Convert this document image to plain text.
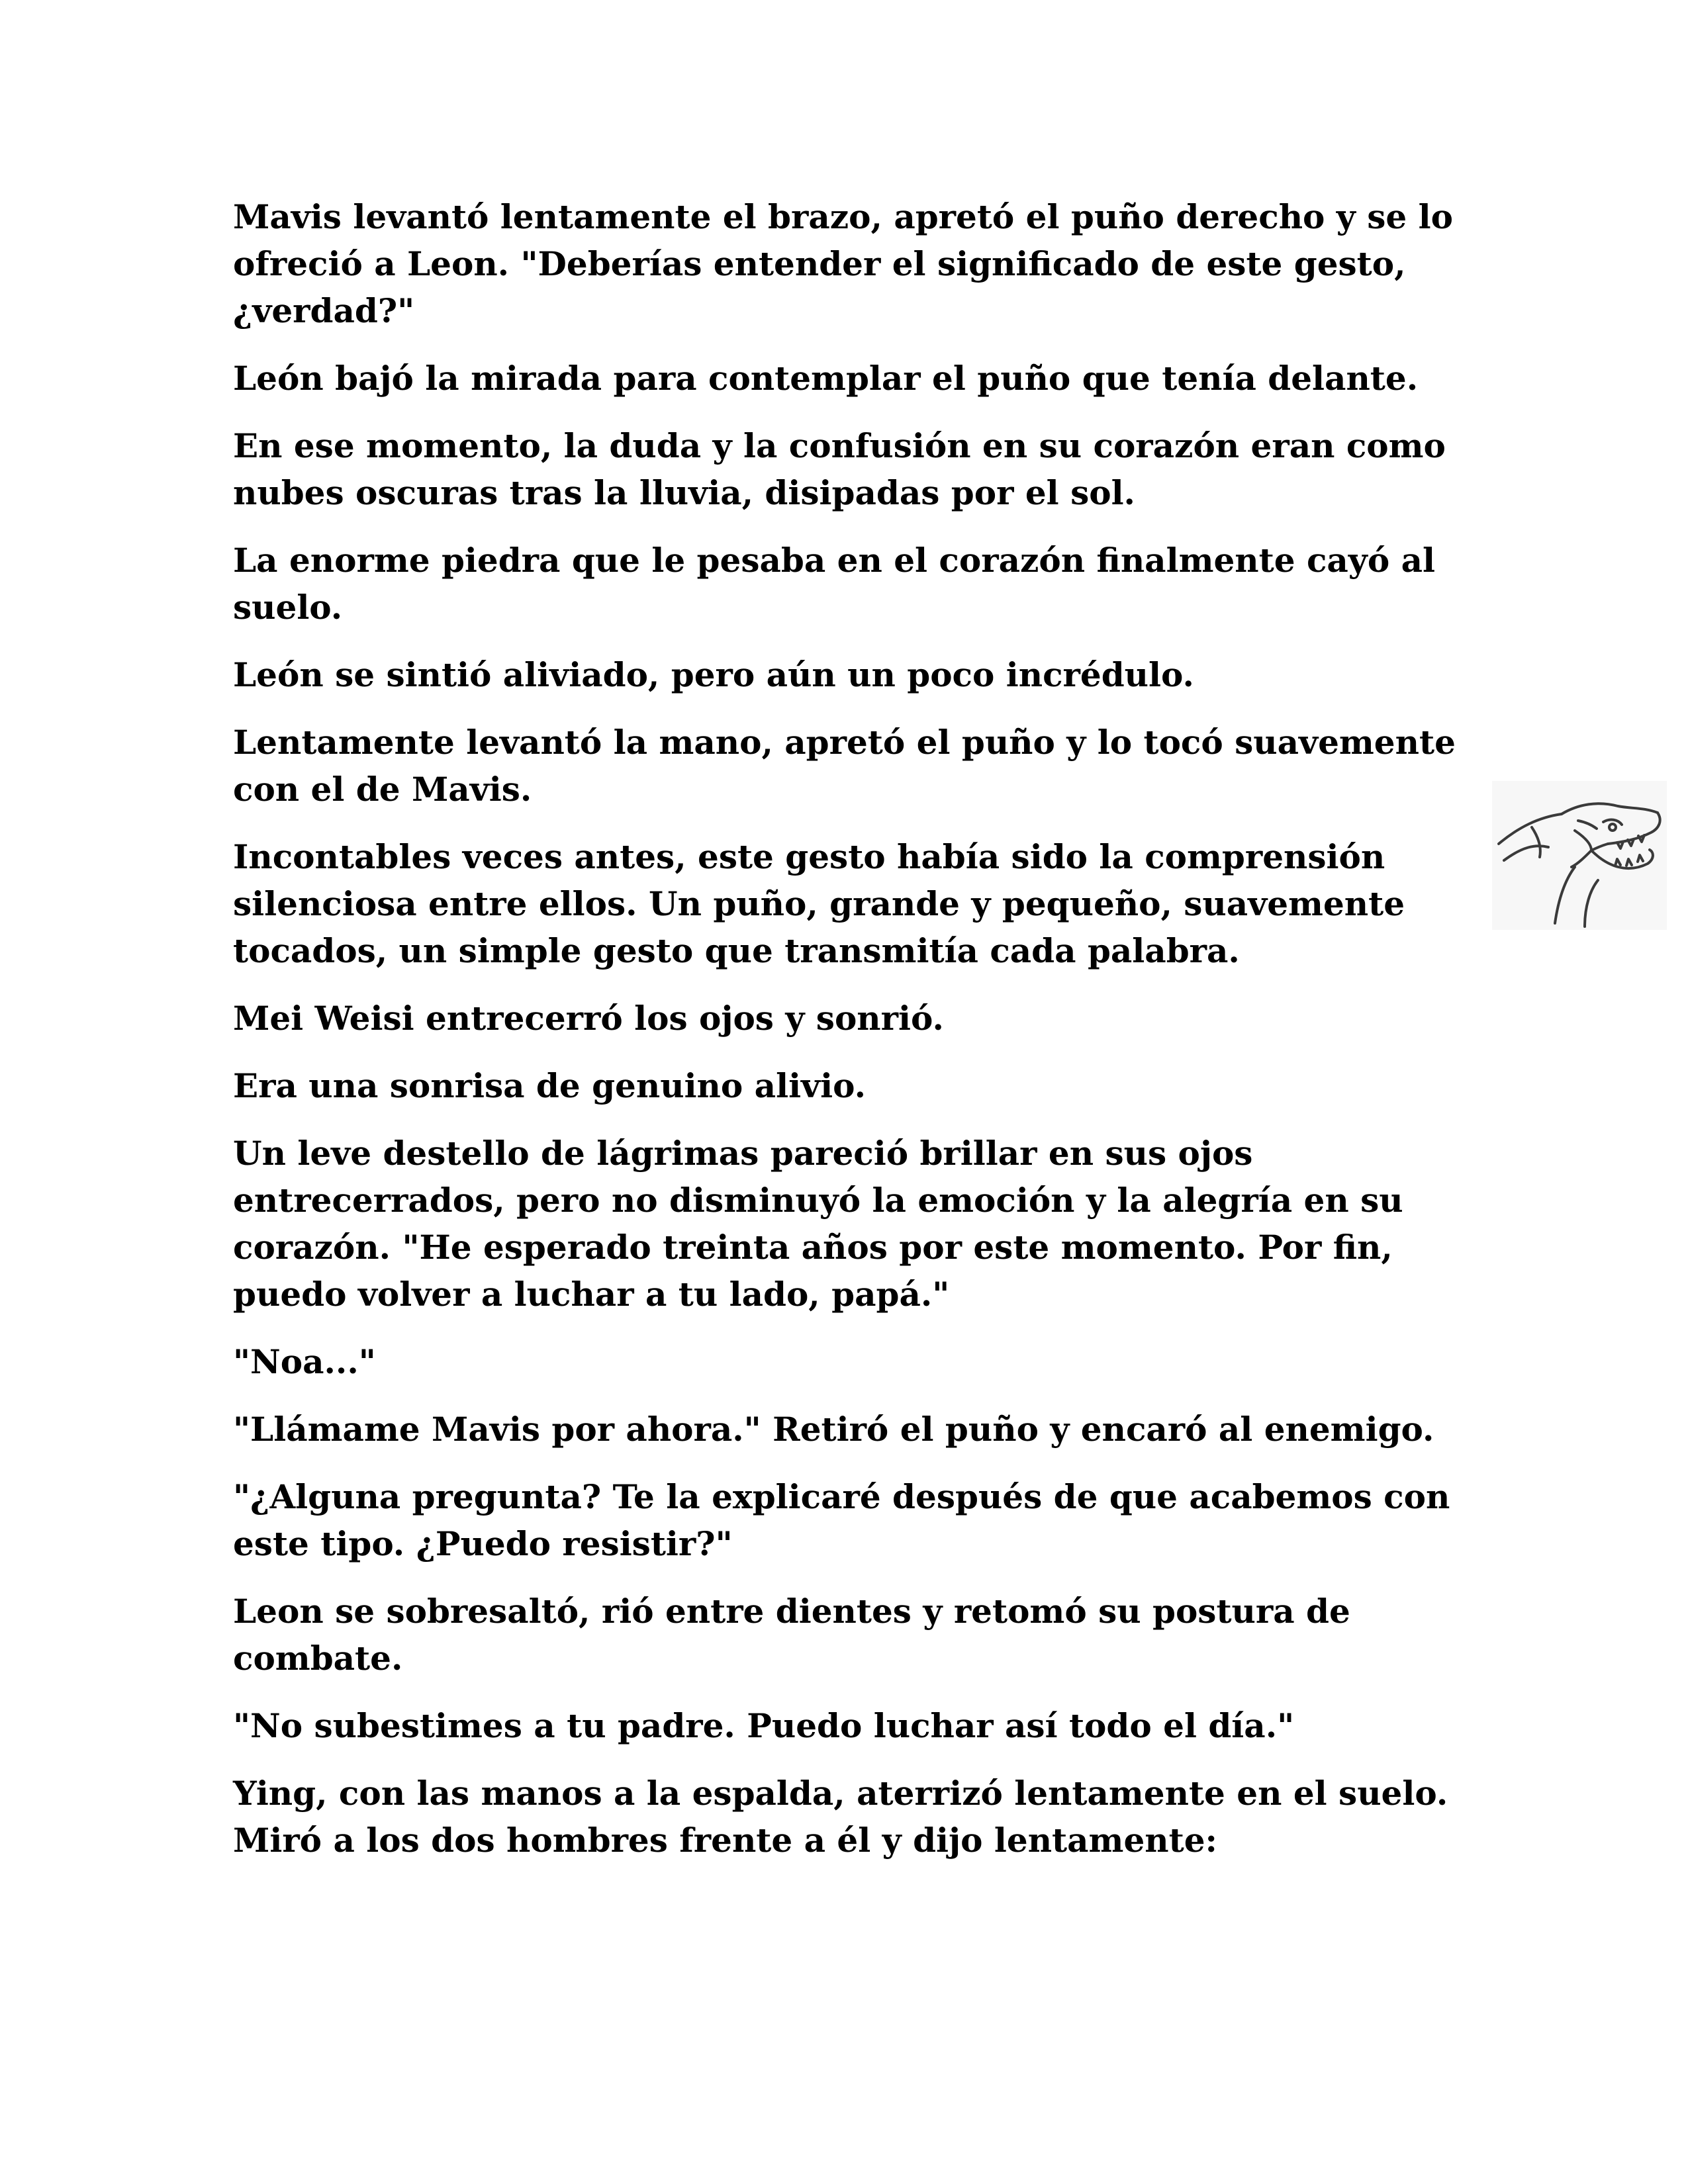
Mavis levantó lentamente el brazo, apretó el puño derecho y se lo ofreció a Leon. "Deberías entender el significado de este gesto, ¿verdad?"

León bajó la mirada para contemplar el puño que tenía delante.

En ese momento, la duda y la confusión en su corazón eran como nubes oscuras tras la lluvia, disipadas por el sol.

La enorme piedra que le pesaba en el corazón finalmente cayó al suelo.

León se sintió aliviado, pero aún un poco incrédulo.

Lentamente levantó la mano, apretó el puño y lo tocó suavemente con el de Mavis.

Incontables veces antes, este gesto había sido la comprensión silenciosa entre ellos. Un puño, grande y pequeño, suavemente tocados, un simple gesto que transmitía cada palabra.

Mei Weisi entrecerró los ojos y sonrió.

Era una sonrisa de genuino alivio.

Un leve destello de lágrimas pareció brillar en sus ojos entrecerrados, pero no disminuyó la emoción y la alegría en su corazón. "He esperado treinta años por este momento. Por fin, puedo volver a luchar a tu lado, papá."

"Noa..."

"Llámame Mavis por ahora." Retiró el puño y encaró al enemigo.

"¿Alguna pregunta? Te la explicaré después de que acabemos con este tipo. ¿Puedo resistir?"

Leon se sobresaltó, rió entre dientes y retomó su postura de combate.

"No subestimes a tu padre. Puedo luchar así todo el día."

Ying, con las manos a la espalda, aterrizó lentamente en el suelo. Miró a los dos hombres frente a él y dijo lentamente:
